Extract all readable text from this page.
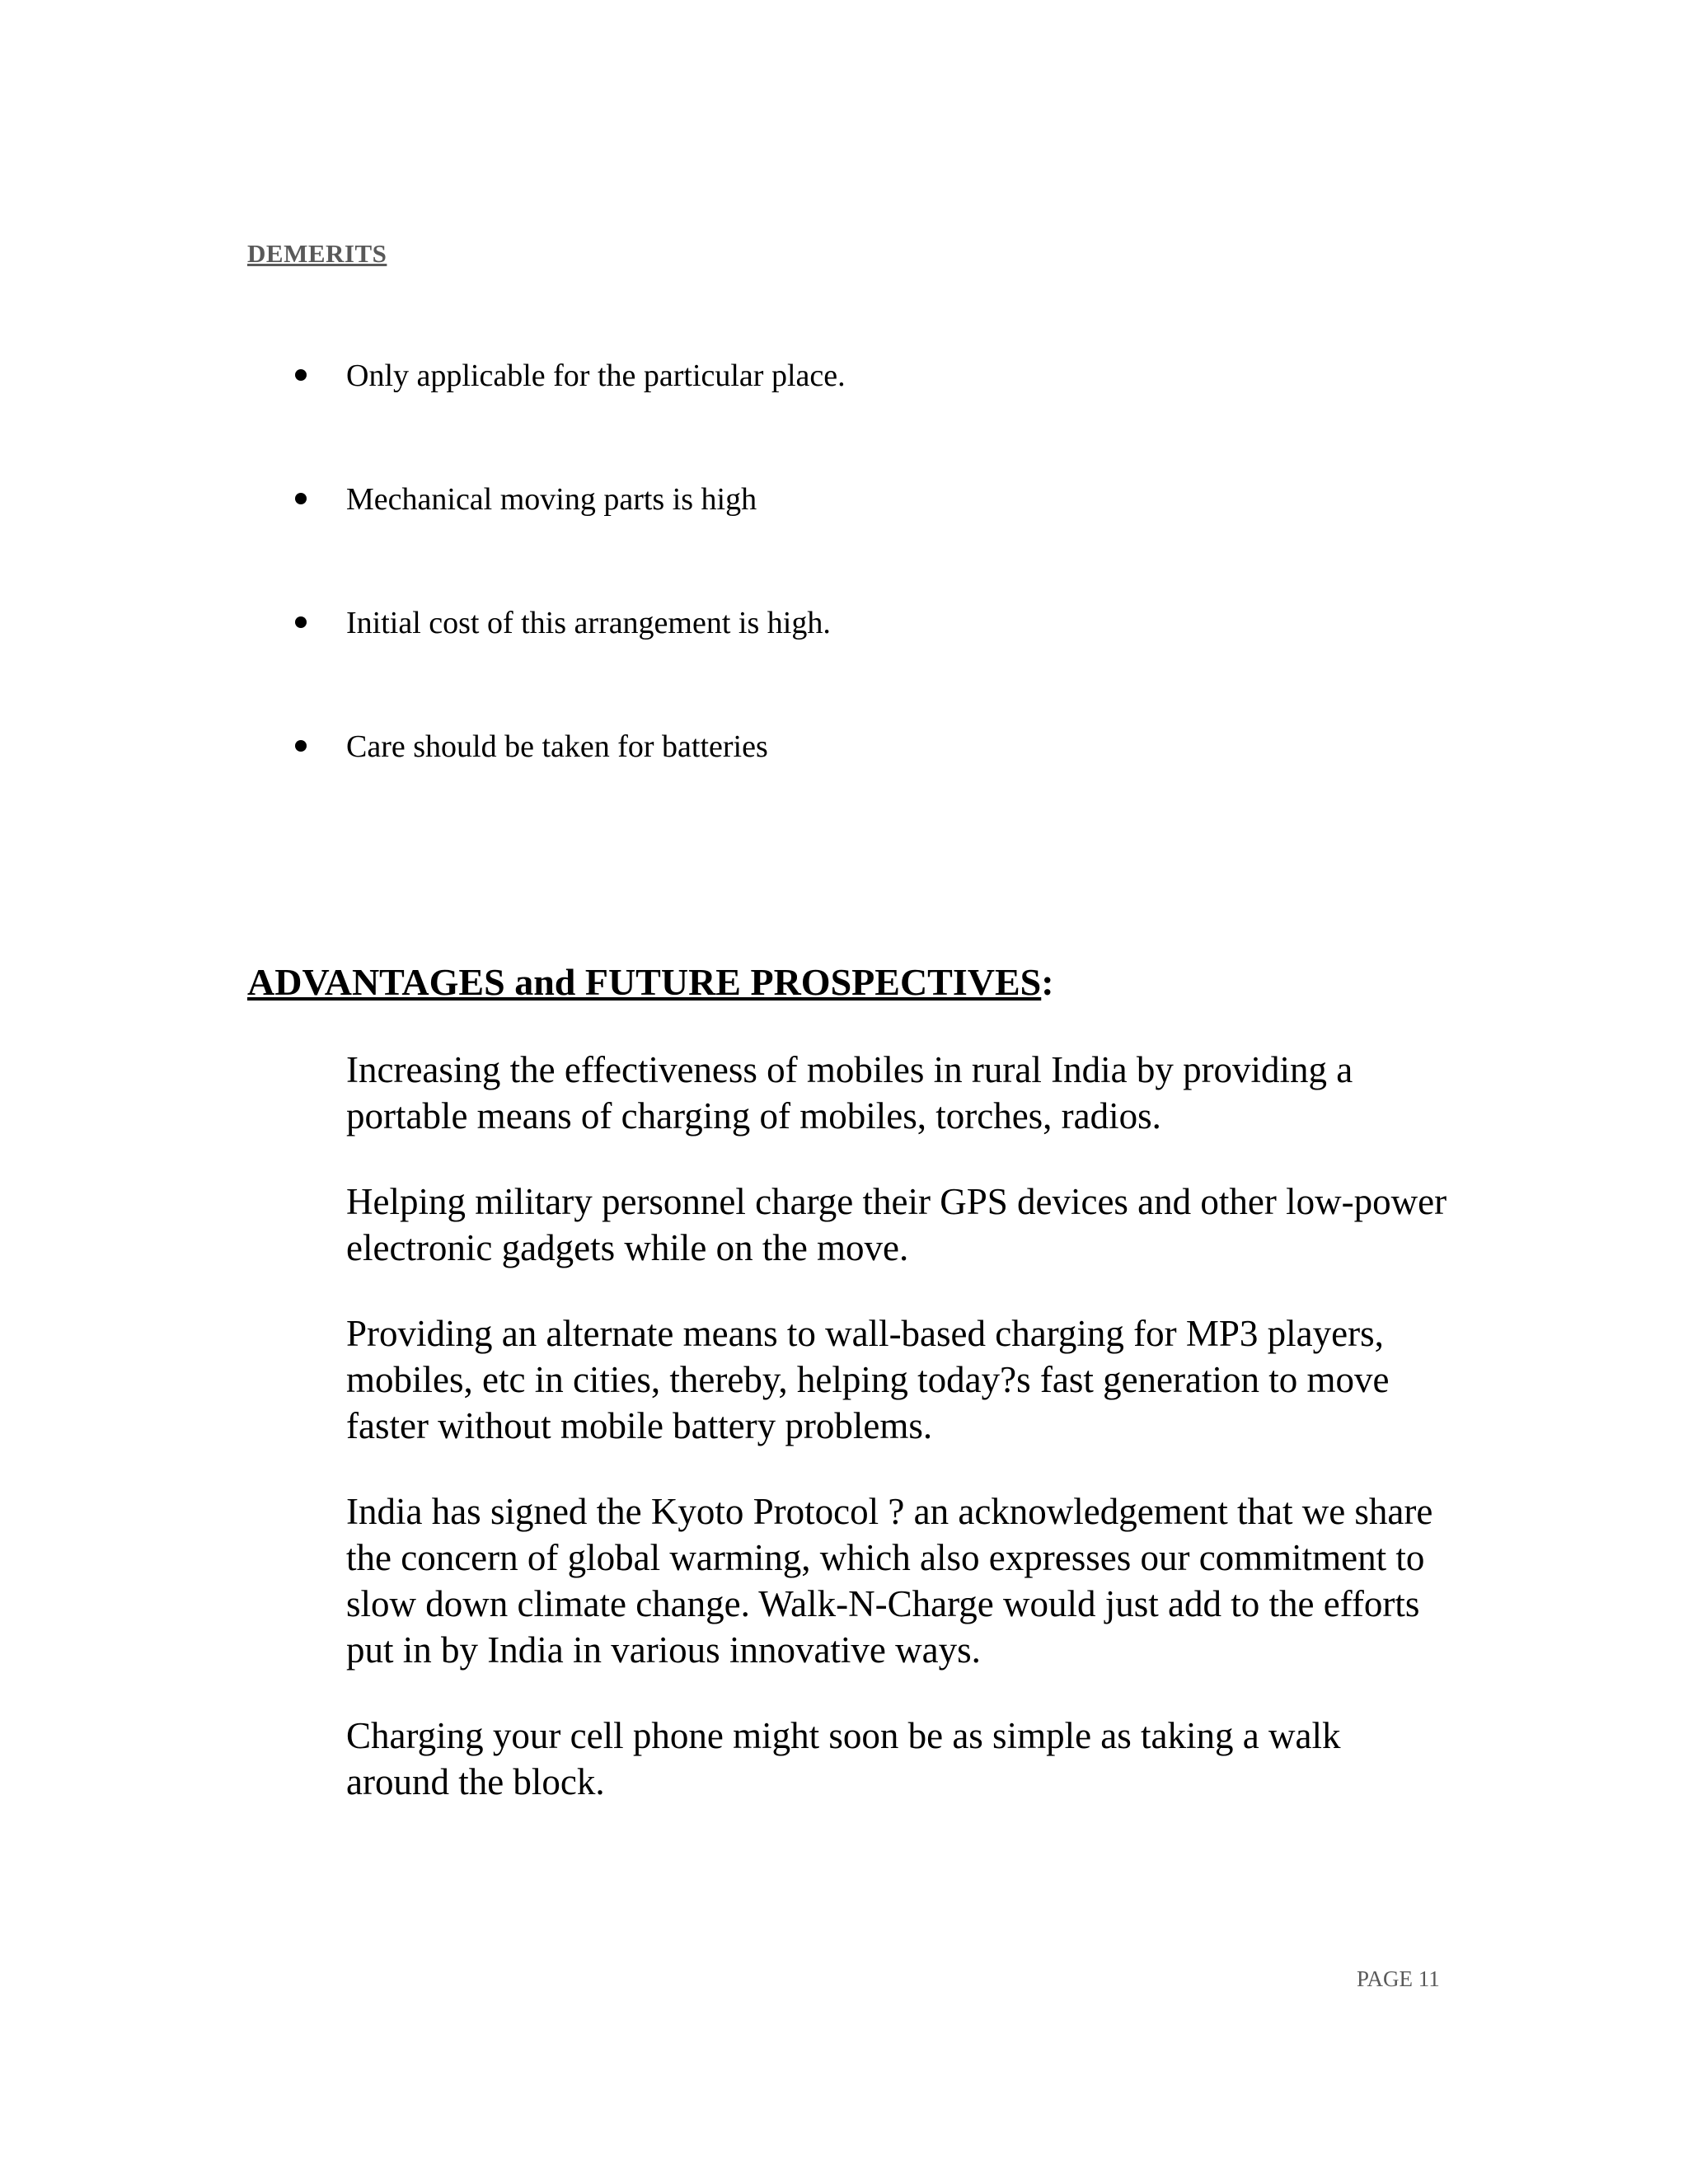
DEMERITS
Only applicable for the particular place.
Mechanical moving parts is high
Initial cost of this arrangement is high.
Care should be taken for batteries
ADVANTAGES and FUTURE PROSPECTIVES:

Increasing the effectiveness of mobiles in rural India by providing a portable means of charging of mobiles, torches, radios.

Helping military personnel charge their GPS devices and other low-power electronic gadgets while on the move.

Providing an alternate means to wall-based charging for MP3 players, mobiles, etc in cities, thereby, helping today?s fast generation to move faster without mobile battery problems.

India has signed the Kyoto Protocol ? an acknowledgement that we share the concern of global warming, which also expresses our commitment to slow down climate change. Walk-N-Charge would just add to the efforts put in by India in various innovative ways.

Charging your cell phone might soon be as simple as taking a walk around the block.

PAGE 11
